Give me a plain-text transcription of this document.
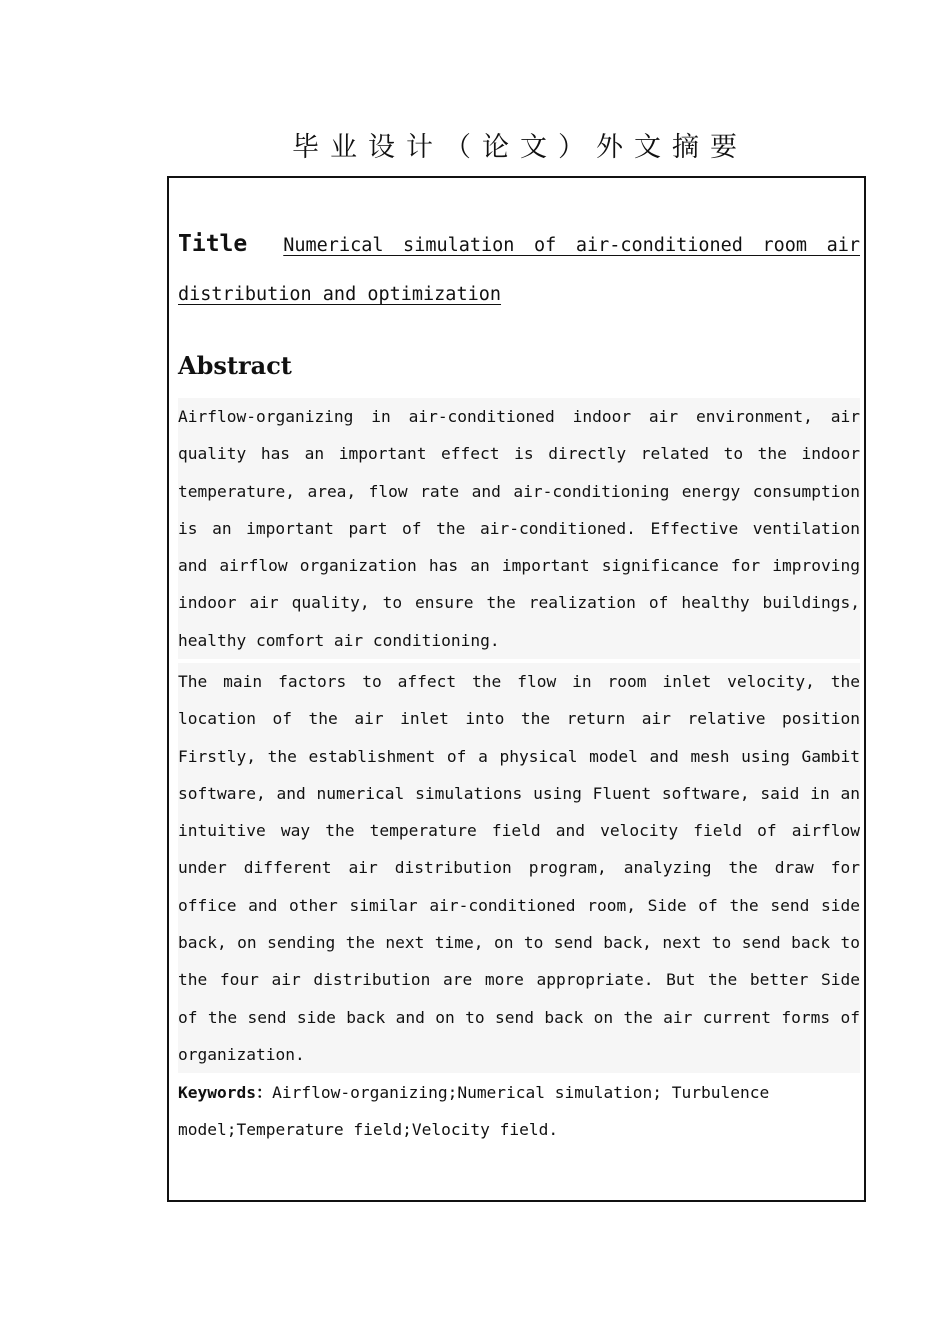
毕业设计（论文）外文摘要
Title Numerical simulation of air-conditioned room air distribution and optimization
Abstract

Airflow-organizing in air-conditioned indoor air environment, air quality has an important effect is directly related to the indoor temperature, area, flow rate and air-conditioning energy consumption is an important part of the air-conditioned. Effective ventilation and airflow organization has an important significance for improving indoor air quality, to ensure the realization of healthy buildings, healthy comfort air conditioning.

The main factors to affect the flow in room inlet velocity, the location of the air inlet into the return air relative position Firstly, the establishment of a physical model and mesh using Gambit software, and numerical simulations using Fluent software, said in an intuitive way the temperature field and velocity field of airflow under different air distribution program, analyzing the draw for office and other similar air-conditioned room, Side of the send side back, on sending the next time, on to send back, next to send back to the four air distribution are more appropriate. But the better Side of the send side back and on to send back on the air current forms of organization.

Keywords：Airflow-organizing;Numerical simulation; Turbulence model;Temperature field;Velocity field.
